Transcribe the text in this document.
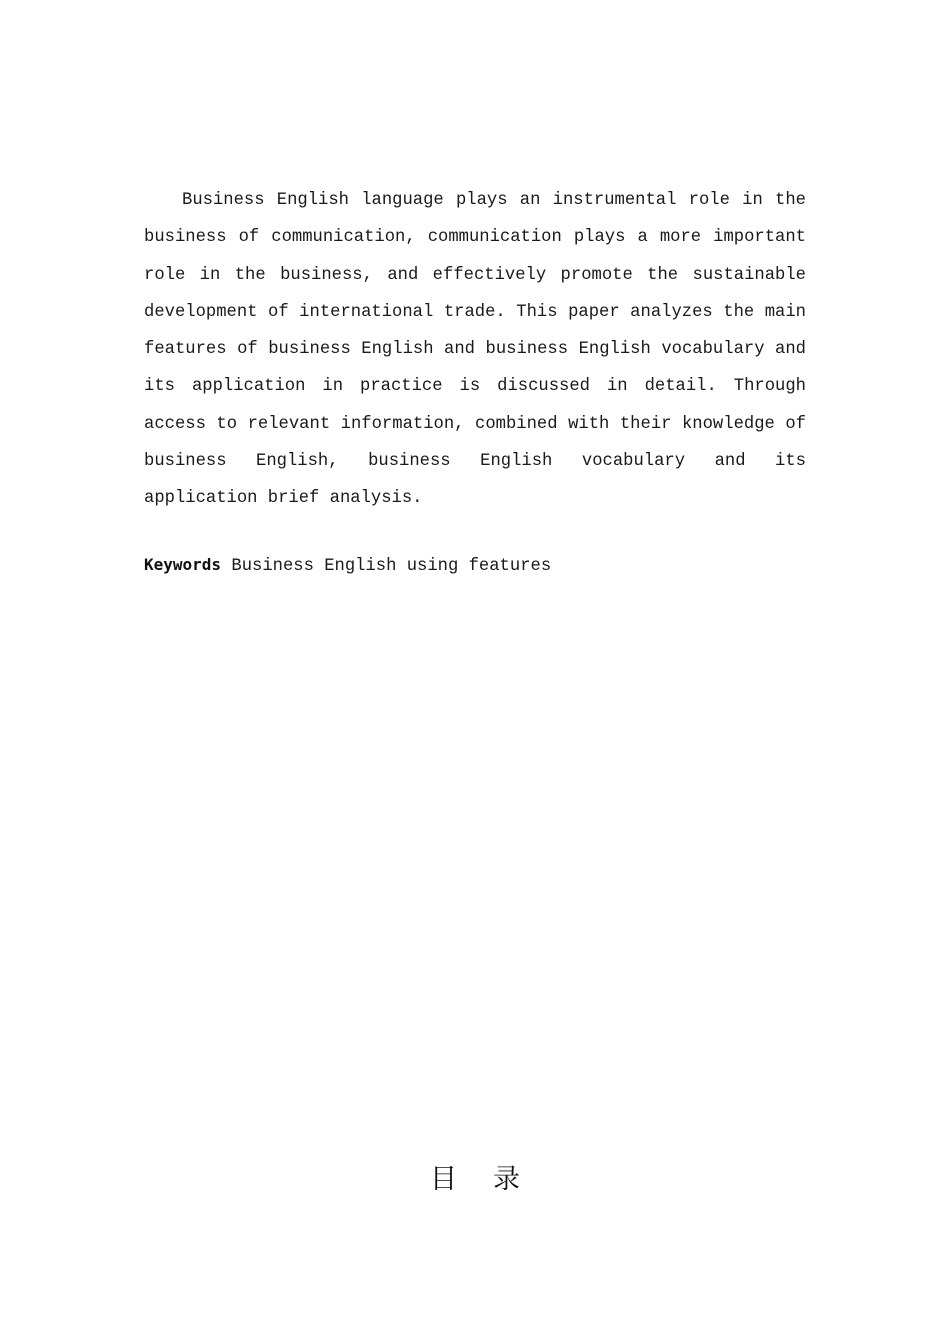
Business English language plays an instrumental role in the business of communication, communication plays a more important role in the business, and effectively promote the sustainable development of international trade. This paper analyzes the main features of business English and business English vocabulary and its application in practice is discussed in detail. Through access to relevant information, combined with their knowledge of business English, business English vocabulary and its application brief analysis.

Keywords Business English using features

目录
